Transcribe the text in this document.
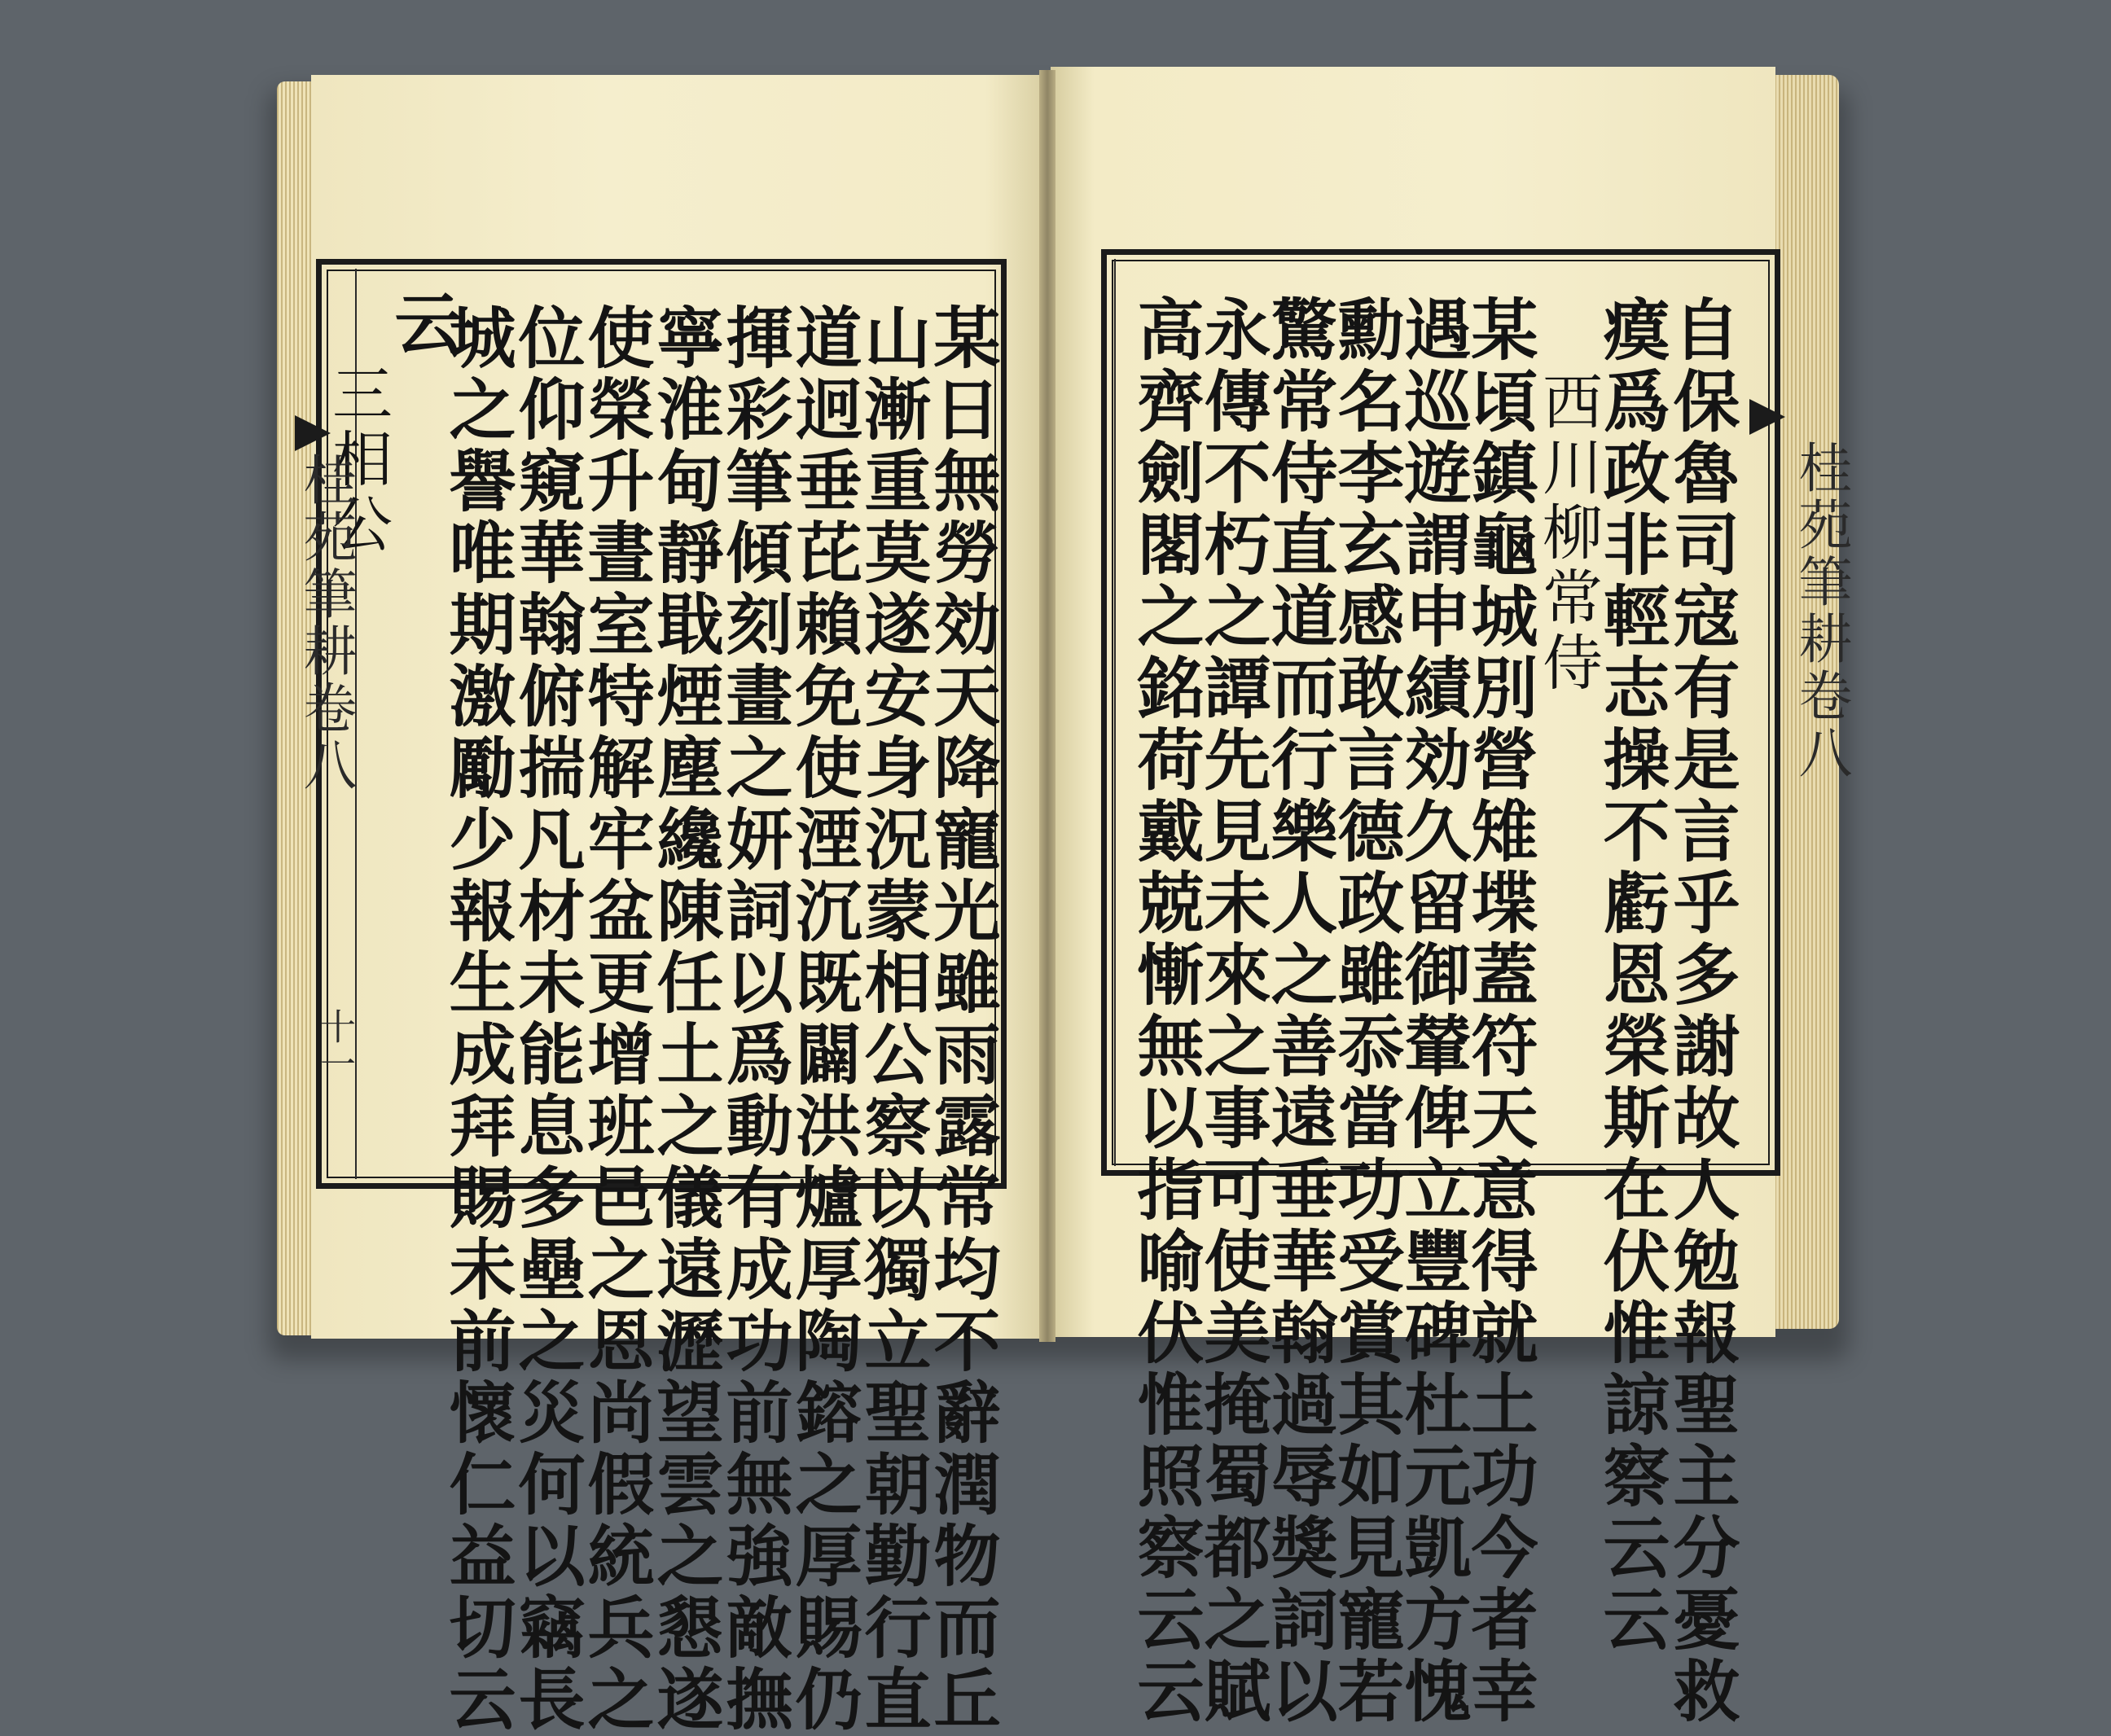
山漸重莫遂安身況蒙相公察以獨立聖朝勤行直
道迥垂芘賴免使湮沉既闢洪爐厚陶鎔之厚賜仍
揮彩筆傾刻畫之妍詞以爲動有成功前無強敵撫
寧淮甸靜戢煙塵纔陳任土之儀遠瀝望雲之懇遂
使榮升晝室特解牢盆更增班邑之恩尚假統兵之
位仰窺華翰俯揣凡材未能息多壘之災何以竊長
城之譽唯期激勵少報生成拜賜未前懷仁益切云
三相公
桂苑筆耕卷八
十一	自保魯司寇有是言乎多謝故人勉報聖主分憂救
瘼爲政非輕志操不虧恩榮斯在伏惟諒察云云
西川柳常侍
某頃鎮龜城別營雉堞蓋符天意得就土功今者幸
遇巡遊謂申績効久留御輦俾立豐碑杜元凱方愧
勳名李玄感敢言德政雖忝當功受賞其如見寵若
驚常侍直道而行樂人之善遠垂華翰過辱獎詞以
永傳不朽之譚先見未來之事可使美掩蜀都之賦	桂苑筆耕卷八
云	某日無勞効天降寵光雖雨露常均不辭潤物而丘 高齊劍閣之銘荷戴兢慚無以指喻伏惟照察云云
